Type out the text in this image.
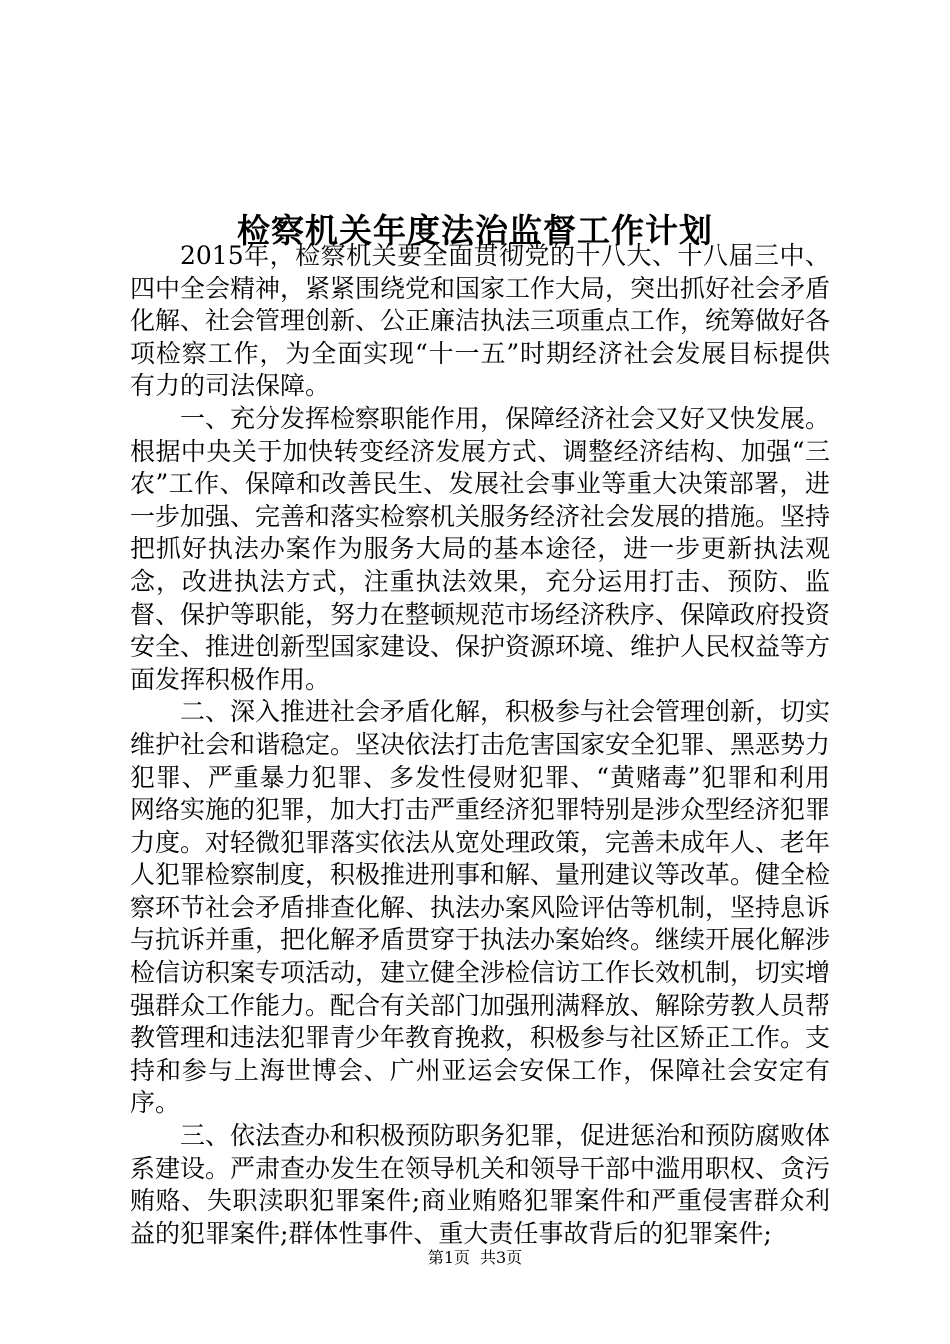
检察机关年度法治监督工作计划

2015年，检察机关要全面贯彻党的十八大、十八届三中、四中全会精神，紧紧围绕党和国家工作大局，突出抓好社会矛盾化解、社会管理创新、公正廉洁执法三项重点工作，统筹做好各项检察工作，为全面实现“十一五”时期经济社会发展目标提供有力的司法保障。

一、充分发挥检察职能作用，保障经济社会又好又快发展。根据中央关于加快转变经济发展方式、调整经济结构、加强“三农”工作、保障和改善民生、发展社会事业等重大决策部署，进一步加强、完善和落实检察机关服务经济社会发展的措施。坚持把抓好执法办案作为服务大局的基本途径，进一步更新执法观念，改进执法方式，注重执法效果，充分运用打击、预防、监督、保护等职能，努力在整顿规范市场经济秩序、保障政府投资安全、推进创新型国家建设、保护资源环境、维护人民权益等方面发挥积极作用。

二、深入推进社会矛盾化解，积极参与社会管理创新，切实维护社会和谐稳定。坚决依法打击危害国家安全犯罪、黑恶势力犯罪、严重暴力犯罪、多发性侵财犯罪、“黄赌毒”犯罪和利用网络实施的犯罪，加大打击严重经济犯罪特别是涉众型经济犯罪力度。对轻微犯罪落实依法从宽处理政策，完善未成年人、老年人犯罪检察制度，积极推进刑事和解、量刑建议等改革。健全检察环节社会矛盾排查化解、执法办案风险评估等机制，坚持息诉与抗诉并重，把化解矛盾贯穿于执法办案始终。继续开展化解涉检信访积案专项活动，建立健全涉检信访工作长效机制，切实增强群众工作能力。配合有关部门加强刑满释放、解除劳教人员帮教管理和违法犯罪青少年教育挽救，积极参与社区矫正工作。支持和参与上海世博会、广州亚运会安保工作，保障社会安定有序。

三、依法查办和积极预防职务犯罪，促进惩治和预防腐败体系建设。严肃查办发生在领导机关和领导干部中滥用职权、贪污贿赂、失职渎职犯罪案件;商业贿赂犯罪案件和严重侵害群众利益的犯罪案件;群体性事件、重大责任事故背后的犯罪案件;

第1页 共3页
